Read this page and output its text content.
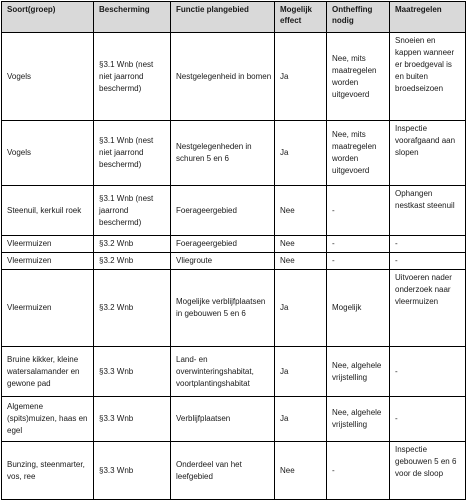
Soort(groep)	Bescherming	Functie plangebied	Mogelijk effect	Ontheffing nodig	Maatregelen
Vogels	§3.1 Wnb (nest niet jaarrond beschermd)	Nestgelegenheid in bomen	Ja	Nee, mits maatregelen worden uitgevoerd	Snoeien en kappen wanneer er broedgeval is en buiten broedseizoen
Vogels	§3.1 Wnb (nest niet jaarrond beschermd)	Nestgelegenheden in schuren 5 en 6	Ja	Nee, mits maatregelen worden uitgevoerd	Inspectie voorafgaand aan slopen
Steenuil, kerkuil roek	§3.1 Wnb (nest jaarrond beschermd)	Foerageergebied	Nee	-	Ophangen nestkast steenuil
Vleermuizen	§3.2 Wnb	Foerageergebied	Nee	-	-
Vleermuizen	§3.2 Wnb	Vliegroute	Nee	-	-
Vleermuizen	§3.2 Wnb	Mogelijke verblijfplaatsen in gebouwen 5 en 6	Ja	Mogelijk	Uitvoeren nader onderzoek naar vleermuizen
Bruine kikker, kleine watersalamander en gewone pad	§3.3 Wnb	Land- en overwinteringshabitat, voortplantingshabitat	Ja	Nee, algehele vrijstelling	-
Algemene (spits)muizen, haas en egel	§3.3 Wnb	Verblijfplaatsen	Ja	Nee, algehele vrijstelling	-
Bunzing, steenmarter, vos, ree	§3.3 Wnb	Onderdeel van het leefgebied	Nee	-	Inspectie gebouwen 5 en 6 voor de sloop
